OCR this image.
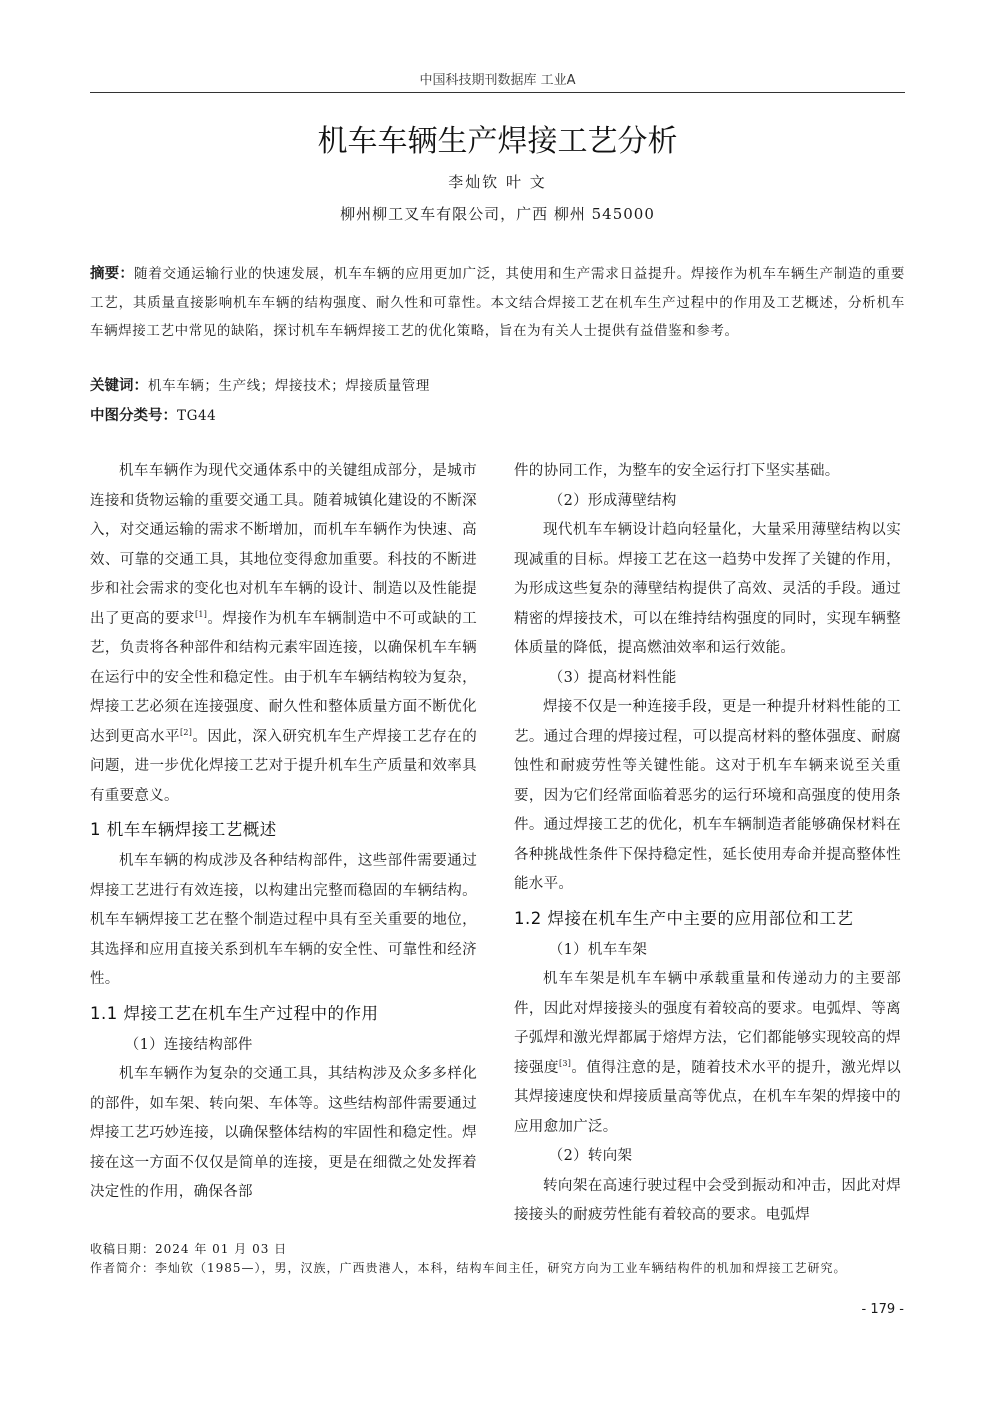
中国科技期刊数据库 工业A
机车车辆生产焊接工艺分析
李灿钦 叶 文
柳州柳工叉车有限公司，广西 柳州 545000
摘要：随着交通运输行业的快速发展，机车车辆的应用更加广泛，其使用和生产需求日益提升。焊接作为机车车辆生产制造的重要工艺，其质量直接影响机车车辆的结构强度、耐久性和可靠性。本文结合焊接工艺在机车生产过程中的作用及工艺概述，分析机车车辆焊接工艺中常见的缺陷，探讨机车车辆焊接工艺的优化策略，旨在为有关人士提供有益借鉴和参考。
关键词：机车车辆；生产线；焊接技术；焊接质量管理
中图分类号：TG44

机车车辆作为现代交通体系中的关键组成部分，是城市连接和货物运输的重要交通工具。随着城镇化建设的不断深入，对交通运输的需求不断增加，而机车车辆作为快速、高效、可靠的交通工具，其地位变得愈加重要。科技的不断进步和社会需求的变化也对机车车辆的设计、制造以及性能提出了更高的要求[1]。焊接作为机车车辆制造中不可或缺的工艺，负责将各种部件和结构元素牢固连接，以确保机车车辆在运行中的安全性和稳定性。由于机车车辆结构较为复杂，焊接工艺必须在连接强度、耐久性和整体质量方面不断优化达到更高水平[2]。因此，深入研究机车生产焊接工艺存在的问题，进一步优化焊接工艺对于提升机车生产质量和效率具有重要意义。

1 机车车辆焊接工艺概述

机车车辆的构成涉及各种结构部件，这些部件需要通过焊接工艺进行有效连接，以构建出完整而稳固的车辆结构。机车车辆焊接工艺在整个制造过程中具有至关重要的地位，其选择和应用直接关系到机车车辆的安全性、可靠性和经济性。

1.1 焊接工艺在机车生产过程中的作用

（1）连接结构部件

机车车辆作为复杂的交通工具，其结构涉及众多多样化的部件，如车架、转向架、车体等。这些结构部件需要通过焊接工艺巧妙连接，以确保整体结构的牢固性和稳定性。焊接在这一方面不仅仅是简单的连接，更是在细微之处发挥着决定性的作用，确保各部

件的协同工作，为整车的安全运行打下坚实基础。

（2）形成薄壁结构

现代机车车辆设计趋向轻量化，大量采用薄壁结构以实现减重的目标。焊接工艺在这一趋势中发挥了关键的作用，为形成这些复杂的薄壁结构提供了高效、灵活的手段。通过精密的焊接技术，可以在维持结构强度的同时，实现车辆整体质量的降低，提高燃油效率和运行效能。

（3）提高材料性能

焊接不仅是一种连接手段，更是一种提升材料性能的工艺。通过合理的焊接过程，可以提高材料的整体强度、耐腐蚀性和耐疲劳性等关键性能。这对于机车车辆来说至关重要，因为它们经常面临着恶劣的运行环境和高强度的使用条件。通过焊接工艺的优化，机车车辆制造者能够确保材料在各种挑战性条件下保持稳定性，延长使用寿命并提高整体性能水平。

1.2 焊接在机车生产中主要的应用部位和工艺

（1）机车车架

机车车架是机车车辆中承载重量和传递动力的主要部件，因此对焊接接头的强度有着较高的要求。电弧焊、等离子弧焊和激光焊都属于熔焊方法，它们都能够实现较高的焊接强度[3]。值得注意的是，随着技术水平的提升，激光焊以其焊接速度快和焊接质量高等优点，在机车车架的焊接中的应用愈加广泛。

（2）转向架

转向架在高速行驶过程中会受到振动和冲击，因此对焊接接头的耐疲劳性能有着较高的要求。电弧焊

收稿日期：2024 年 01 月 03 日
作者简介：李灿钦（1985—），男，汉族，广西贵港人，本科，结构车间主任，研究方向为工业车辆结构件的机加和焊接工艺研究。
- 179 -
